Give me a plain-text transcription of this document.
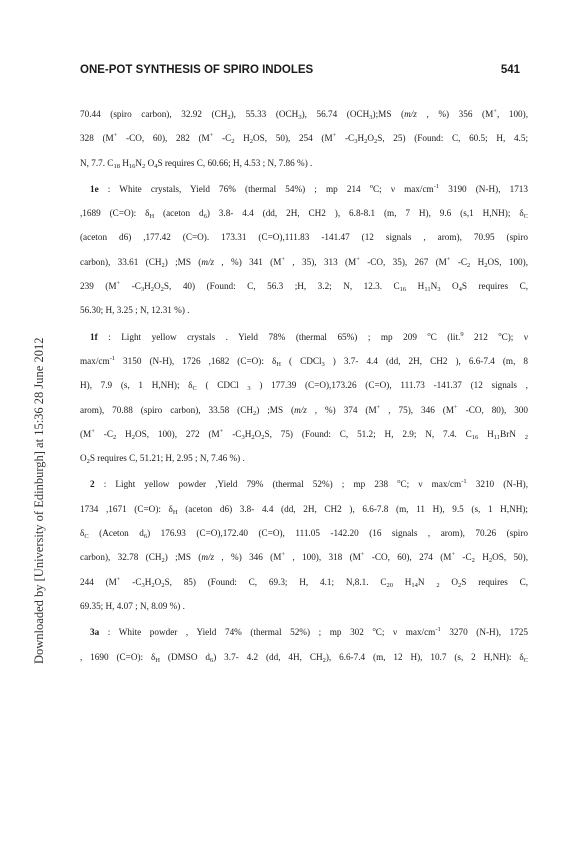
ONE-POT SYNTHESIS OF SPIRO INDOLES	541
Downloaded by [University of Edinburgh] at 15:36 28 June 2012
70.44 (spiro carbon), 32.92 $(CH_2)$, 55.33 $(OCH_3)$, 56.74 $(OCH_3);MS$ (m/z , %) 356 (M+, 100),
328 (M+ -CO, 60), 282 (M+ $-C_2$ $H_2OS$, 50), 254 (M+ $-C_3H_2O_2S$, 25) (Found: C, 60.5; H, 4.5;
N, 7.7. $C_{18}$ $H_{16}N_2$ $O_4S$ requires C, 60.66; H, 4.53 ; N, 7.86 %) .
1e : White crystals, Yield 76% (thermal 54%) ; mp 214 $^o$C; ν $\max/cm^{-1}$ 3190 (N-H), 1713
,1689 (C=O): $\delta_H$ (aceton $d_6$) 3.8- 4.4 (dd, 2H, CH2 ), 6.8-8.1 (m, 7 H), 9.6 (s,1 H,NH); $\delta_C$
(aceton d6) ,177.42 (C=O). 173.31 (C=O),111.83 -141.47 (12 signals , arom), 70.95 (spiro
carbon), 33.61 $(CH_2)$ ;MS (m/z , %) 341 (M+ , 35), 313 (M+ -CO, 35), 267 (M+ $-C_2$ $H_2OS$, 100),
239 (M+ $-C_3H_2O_2S$, 40) (Found: C, 56.3 ;H, 3.2; N, 12.3. $C_{16}$ $H_{11}N_3$ $O_4S$ requires C,
56.30; H, 3.25 ; N, 12.31 %) .
1f : Light yellow crystals . Yield 78% (thermal 65%) ; mp 209 $^o$C (lit.$^9$ 212 $^o$C); ν
$\max/cm^{-1}$ 3150 (N-H), 1726 ,1682 (C=O): $\delta_H$ ( CDCl$_3$ ) 3.7- 4.4 (dd, 2H, CH2 ), 6.6-7.4 (m, 8
H), 7.9 (s, 1 H,NH); $\delta_C$ ( CDCl $_3$ ) 177.39 (C=O),173.26 (C=O), 111.73 -141.37 (12 signals ,
arom), 70.88 (spiro carbon), 33.58 $(CH_2)$ ;MS (m/z , %) 374 (M+ , 75), 346 (M+ -CO, 80), 300
(M+ $-C_2$ $H_2OS$, 100), 272 (M+ $-C_3H_2O_2S$, 75) (Found: C, 51.2; H, 2.9; N, 7.4. $C_{16}$ $H_{11}BrN$ $_2$
$O_2S$ requires C, 51.21; H, 2.95 ; N, 7.46 %) .
2 : Light yellow powder ,Yield 79% (thermal 52%) ; mp 238 $^o$C; ν $\max/cm^{-1}$ 3210 (N-H),
1734 ,1671 (C=O): $\delta_H$ (aceton d6) 3.8- 4.4 (dd, 2H, CH2 ), 6.6-7.8 (m, 11 H), 9.5 (s, 1 H,NH);
$\delta_C$ (Aceton $d_6$) 176.93 (C=O),172.40 (C=O), 111.05 -142.20 (16 signals , arom), 70.26 (spiro
carbon), 32.78 $(CH_2)$ ;MS (m/z , %) 346 (M+ , 100), 318 (M+ -CO, 60), 274 (M+ $-C_2$ $H_2OS$, 50),
244 (M+ $-C_3H_2O_2S$, 85) (Found: C, 69.3; H, 4.1; N,8.1. $C_{20}$ $H_{14}N$ $_2$ $O_2S$ requires C,
69.35; H, 4.07 ; N, 8.09 %) .
3a : White powder , Yield 74% (thermal 52%) ; mp 302 $^o$C; ν $\max/cm^{-1}$ 3270 (N-H), 1725
, 1690 (C=O): $\delta_H$ (DMSO $d_6$) 3.7- 4.2 (dd, 4H, $CH_2$), 6.6-7.4 (m, 12 H), 10.7 (s, 2 H,NH): $\delta_C$
